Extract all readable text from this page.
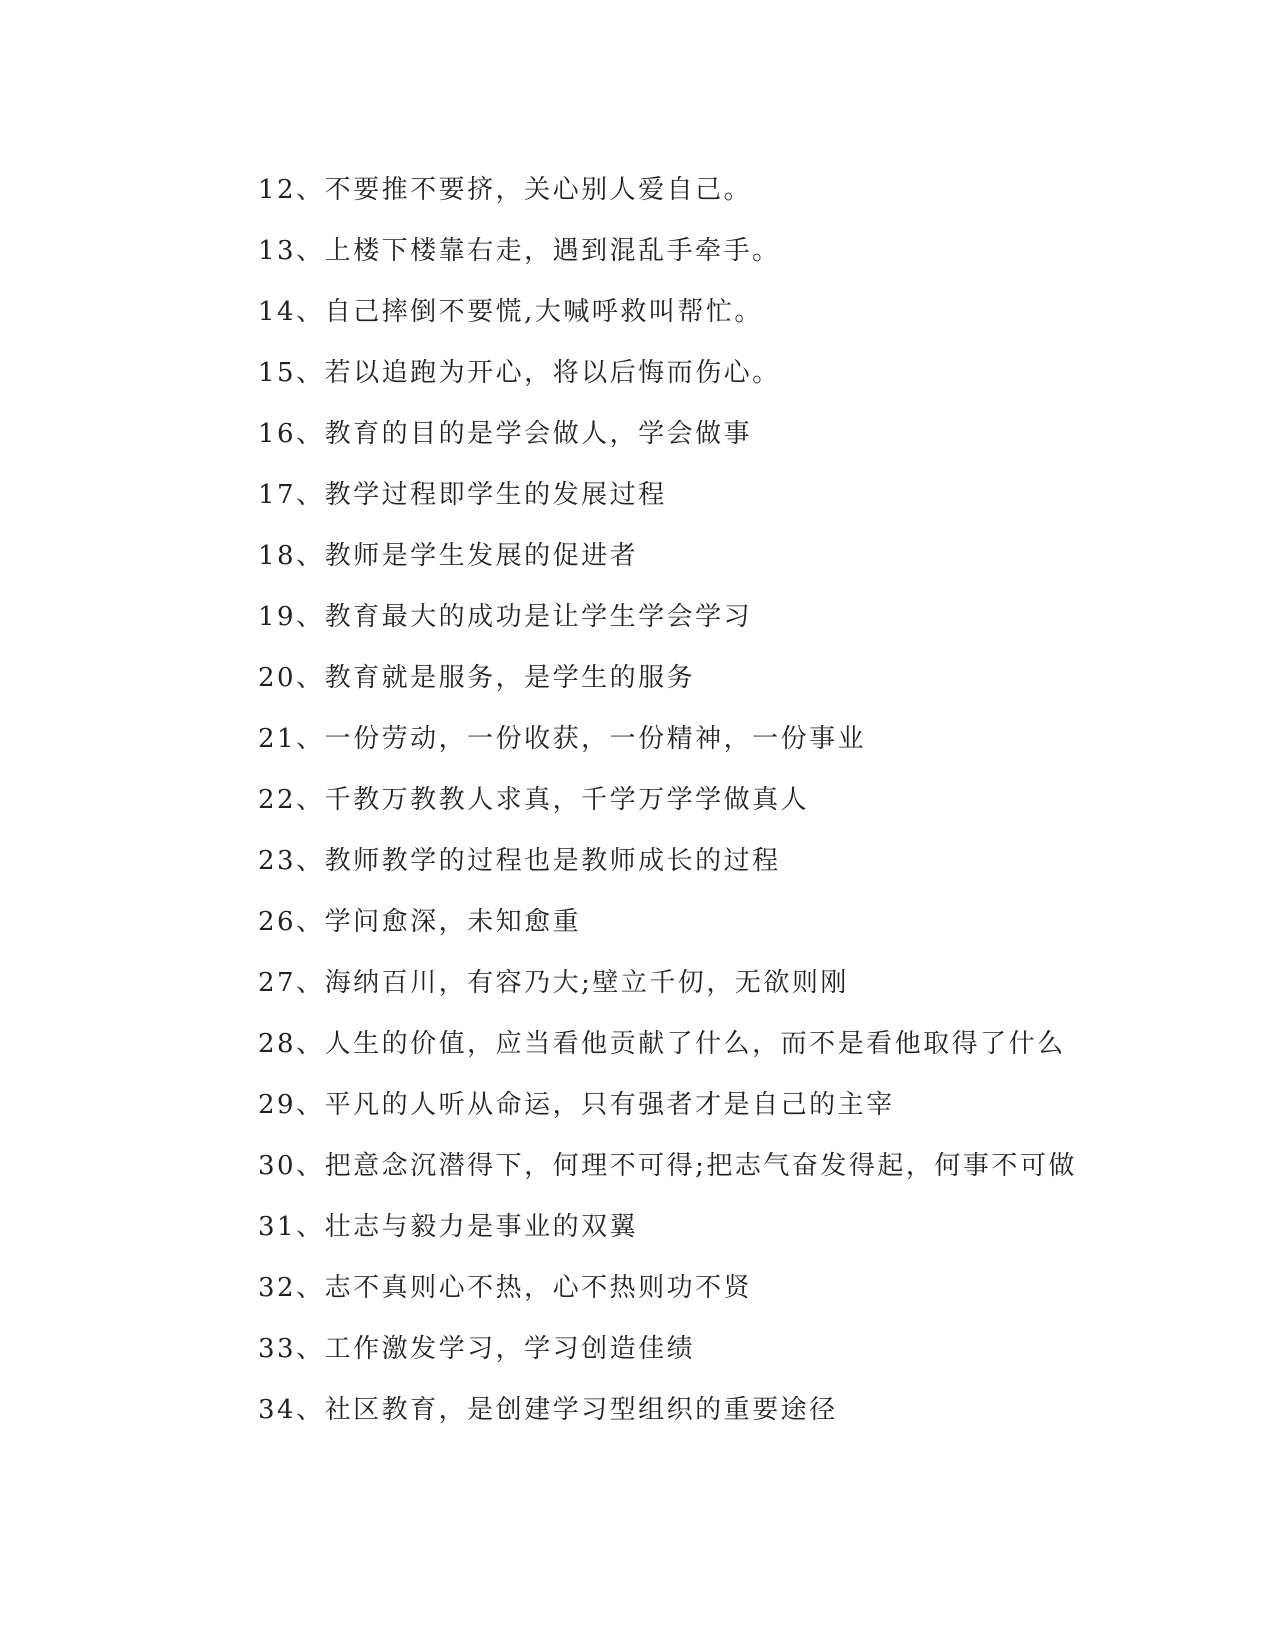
12、不要推不要挤，关心别人爱自己。
13、上楼下楼靠右走，遇到混乱手牵手。
14、自己摔倒不要慌,大喊呼救叫帮忙。
15、若以追跑为开心，将以后悔而伤心。
16、教育的目的是学会做人，学会做事
17、教学过程即学生的发展过程
18、教师是学生发展的促进者
19、教育最大的成功是让学生学会学习
20、教育就是服务，是学生的服务
21、一份劳动，一份收获，一份精神，一份事业
22、千教万教教人求真，千学万学学做真人
23、教师教学的过程也是教师成长的过程
26、学问愈深，未知愈重
27、海纳百川，有容乃大;壁立千仞，无欲则刚
28、人生的价值，应当看他贡献了什么，而不是看他取得了什么
29、平凡的人听从命运，只有强者才是自己的主宰
30、把意念沉潜得下，何理不可得;把志气奋发得起，何事不可做
31、壮志与毅力是事业的双翼
32、志不真则心不热，心不热则功不贤
33、工作激发学习，学习创造佳绩
34、社区教育，是创建学习型组织的重要途径
